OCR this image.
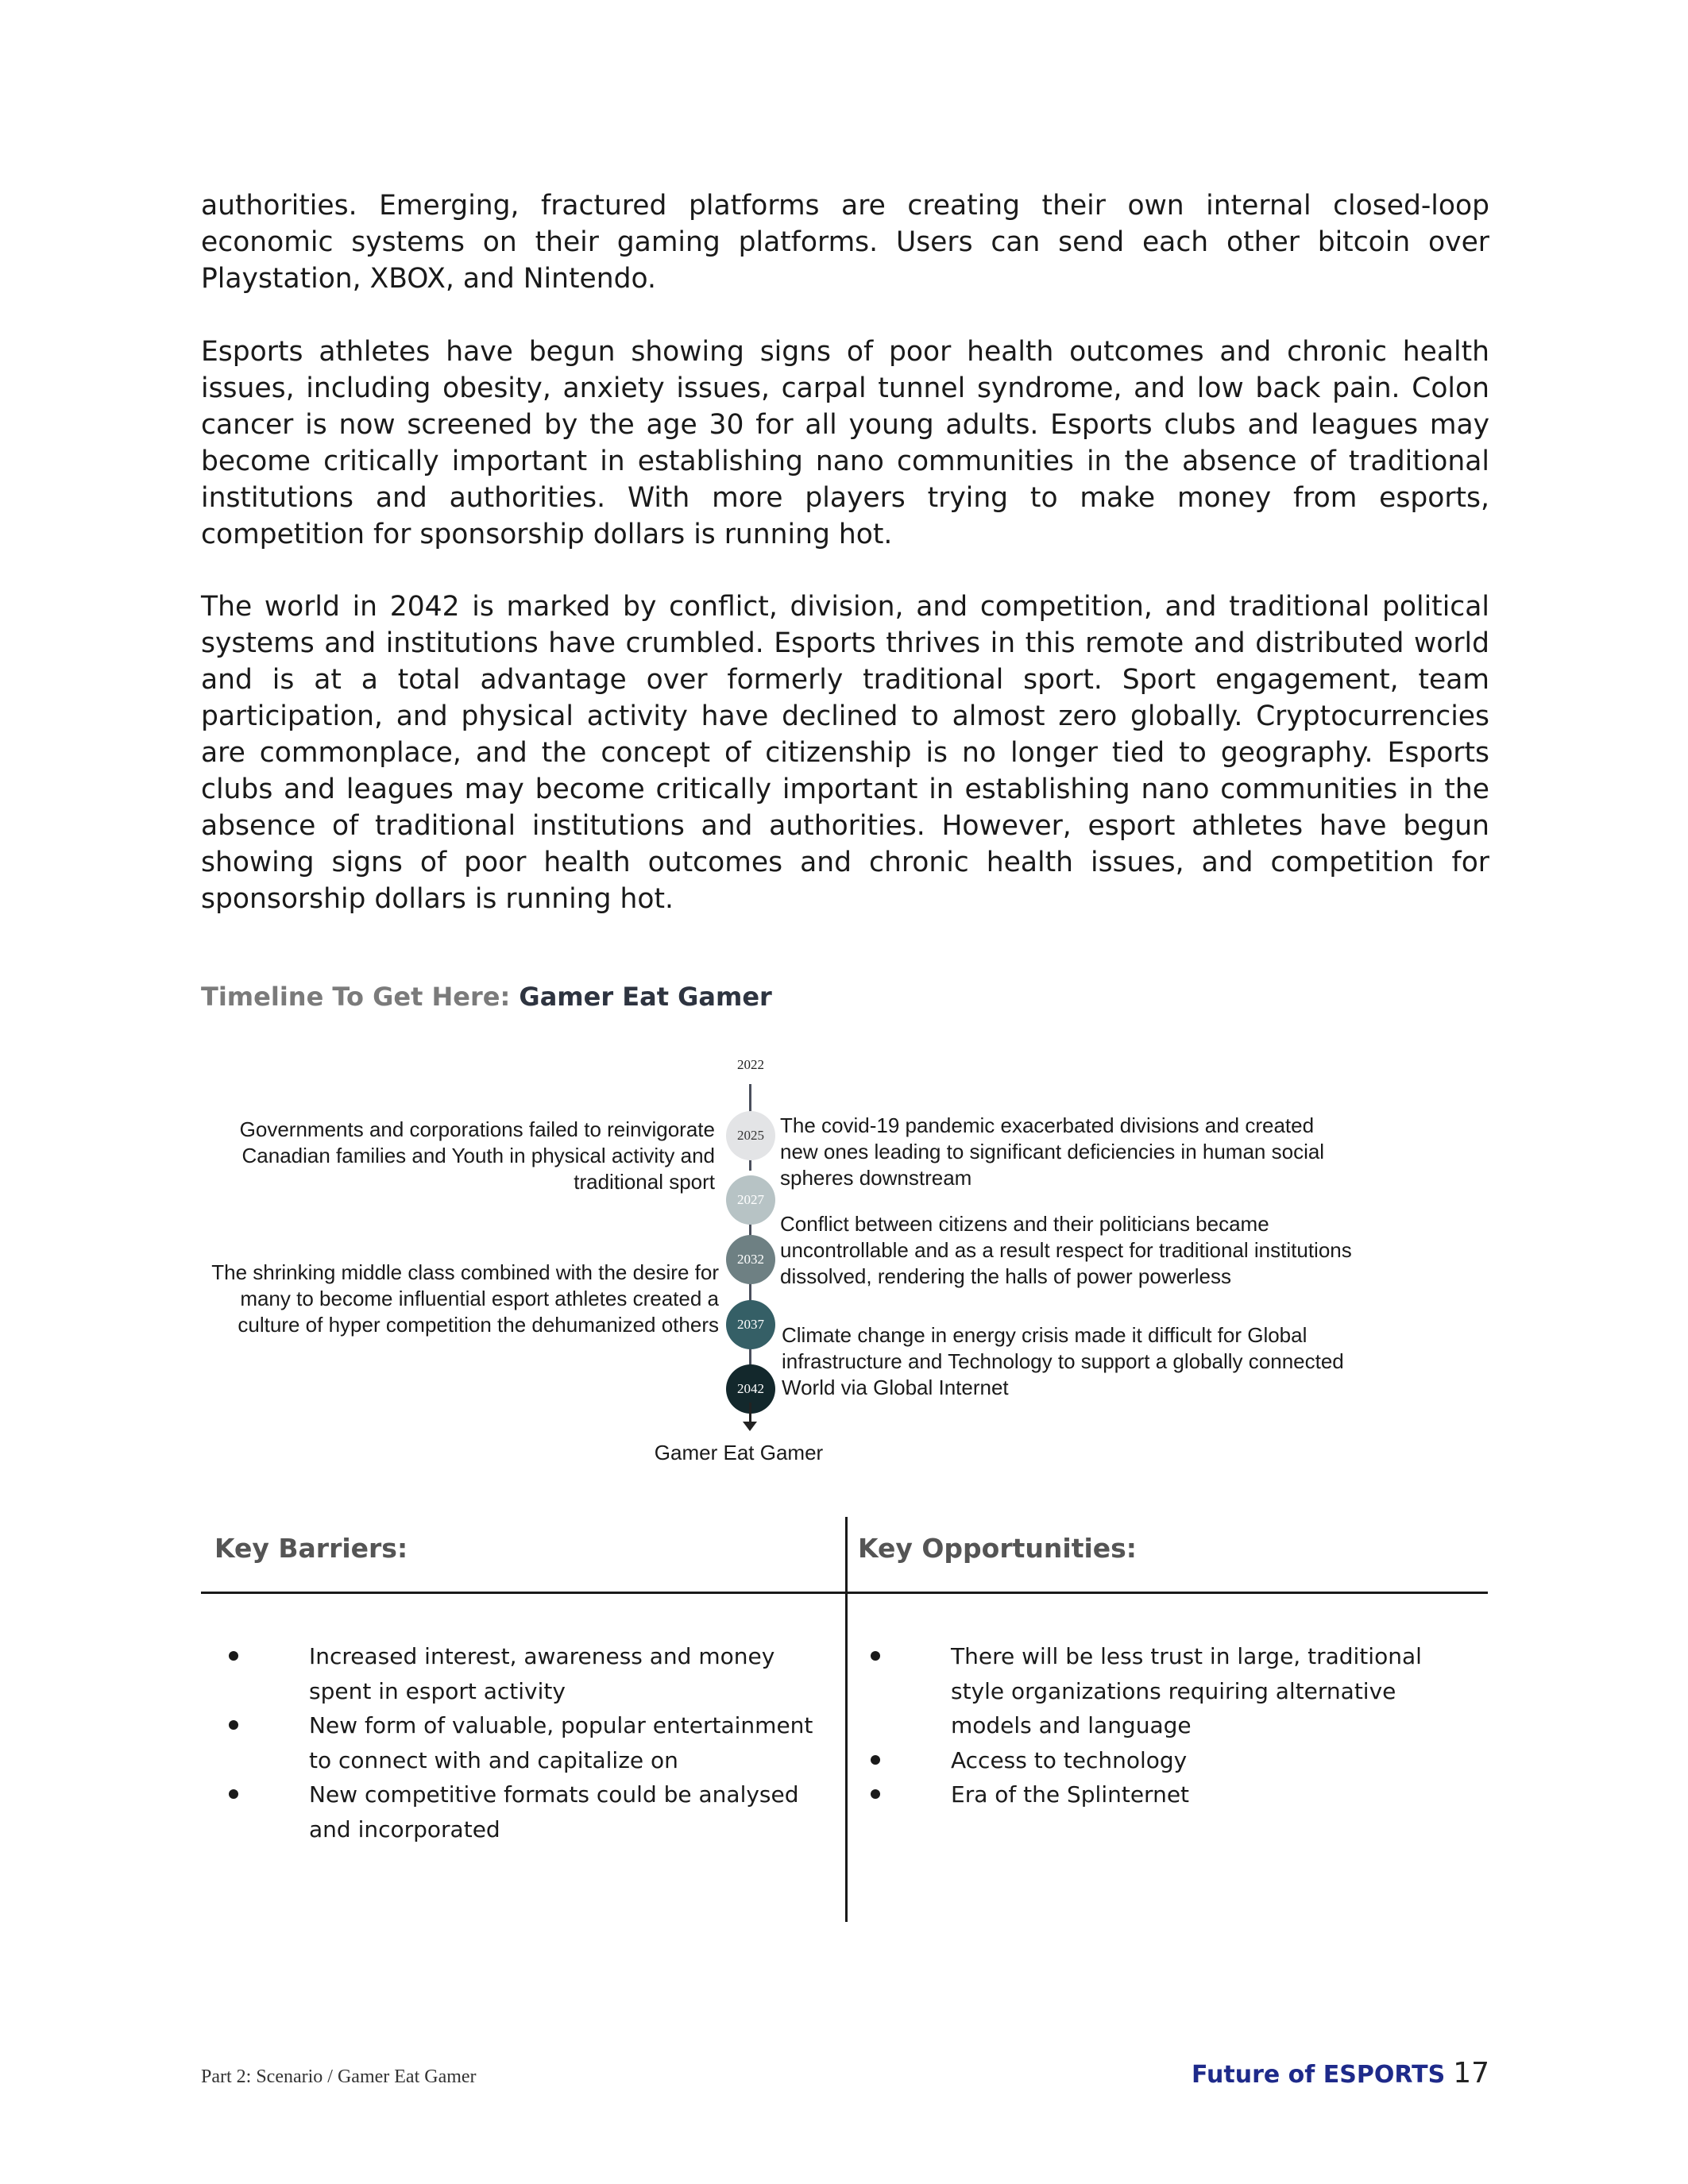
authorities. Emerging, fractured platforms are creating their own internal closed-loop economic systems on their gaming platforms. Users can send each other bitcoin over Playstation, XBOX, and Nintendo.

Esports athletes have begun showing signs of poor health outcomes and chronic health issues, including obesity, anxiety issues, carpal tunnel syndrome, and low back pain. Colon cancer is now screened by the age 30 for all young adults. Esports clubs and leagues may become critically important in establishing nano communities in the absence of traditional institutions and authorities. With more players trying to make money from esports, competition for sponsorship dollars is running hot.

The world in 2042 is marked by conflict, division, and competition, and traditional political systems and institutions have crumbled. Esports thrives in this remote and distributed world and is at a total advantage over formerly traditional sport. Sport engagement, team participation, and physical activity have declined to almost zero globally. Cryptocurrencies are commonplace, and the concept of citizenship is no longer tied to geography. Esports clubs and leagues may become critically important in establishing nano communities in the absence of traditional institutions and authorities. However, esport athletes have begun showing signs of poor health outcomes and chronic health issues, and competition for sponsorship dollars is running hot.

Timeline To Get Here: Gamer Eat Gamer
2022
2025
2027
2032
2037
2042

Governments and corporations failed to reinvigorate Canadian families and Youth in physical activity and traditional sport

The shrinking middle class combined with the desire for many to become influential esport athletes created a culture of hyper competition the dehumanized others

The covid-19 pandemic exacerbated divisions and created new ones leading to significant deficiencies in human social spheres downstream

Conflict between citizens and their politicians became uncontrollable and as a result respect for traditional institutions dissolved, rendering the halls of power powerless

Climate change in energy crisis made it difficult for Global infrastructure and Technology to support a globally connected World via Global Internet

Gamer Eat Gamer
Key Barriers:	Key Opportunities:
Increased interest, awareness and money spent in esport activity
New form of valuable, popular entertainment to connect with and capitalize on
New competitive formats could be analysed and incorporated
There will be less trust in large, traditional style organizations requiring alternative models and language
Access to technology
Era of the Splinternet
Part 2: Scenario / Gamer Eat Gamer	Future of ESPORTS 17
